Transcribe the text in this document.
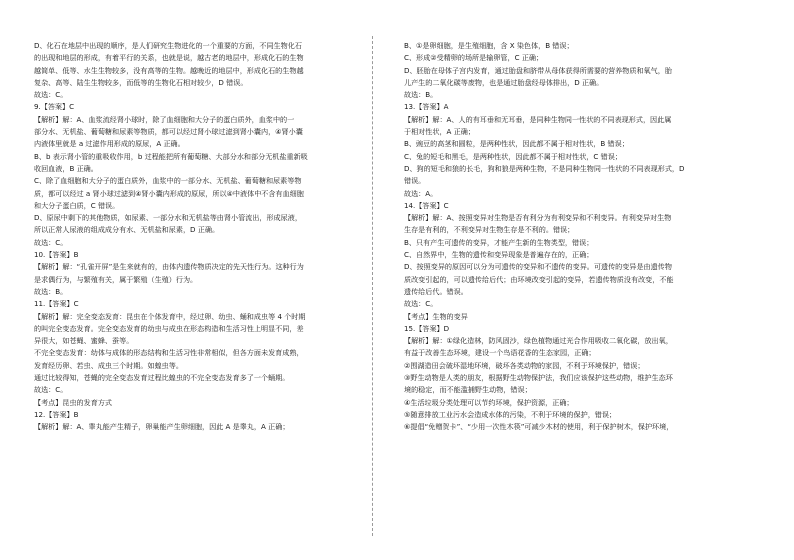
D、化石在地层中出现的顺序，是人们研究生物进化的一个重要的方面，不同生物化石
的出现和地层的形成，有着平行的关系，也就是说，越古老的地层中，形成化石的生物
越简单、低等、水生生物较多，没有高等的生物。越晚近的地层中，形成化石的生物越
复杂、高等、陆生生物较多，而低等的生物化石相对较少，D 错误。
故选：C。
9.【答案】C
【解析】解：A、血浆流经肾小球时，除了血细胞和大分子的蛋白质外，血浆中的一
部分水、无机盐、葡萄糖和尿素等物质，都可以经过肾小球过滤到肾小囊内，④肾小囊
内液体里就是 a 过滤作用形成的原尿，A 正确。
B、b 表示肾小管的重吸收作用，b 过程能把所有葡萄糖、大部分水和部分无机盐重新吸
收回血液，B 正确。
C、除了血细胞和大分子的蛋白质外，血浆中的一部分水、无机盐、葡萄糖和尿素等物
质，都可以经过 a 肾小球过滤到④肾小囊内形成的原尿，所以④中液体中不含有血细胞
和大分子蛋白质，C 错误。
D、原尿中剩下的其他物质，如尿素、一部分水和无机盐等由肾小管流出，形成尿液，
所以正常人尿液的组成成分有水、无机盐和尿素，D 正确。
故选：C。
10.【答案】B
【解析】解：“孔雀开屏”是生来就有的，由体内遗传物质决定的先天性行为。这种行为
是求偶行为，与繁殖有关，属于繁殖（生殖）行为。
故选：B。
11.【答案】C
【解析】解：完全变态发育：昆虫在个体发育中，经过卵、幼虫、蛹和成虫等 4 个时期
的叫完全变态发育。完全变态发育的幼虫与成虫在形态构造和生活习性上明显不同，差
异很大，如苍蝇、蜜蜂、蚕等。
不完全变态发育：幼体与成体的形态结构和生活习性非常相似，但各方面未发育成熟，
发育经历卵、若虫、成虫三个时期。如蝗虫等。
通过比较得知，苍蝇的完全变态发育过程比蝗虫的不完全变态发育多了一个蛹期。
故选：C。
【考点】昆虫的发育方式
12.【答案】B
【解析】解：A、睾丸能产生精子，卵巢能产生卵细胞，因此 A 是睾丸，A 正确；
B、①是卵细胞，是生殖细胞，含 X 染色体，B 错误；
C、形成②受精卵的场所是输卵管，C 正确；
D、胚胎在母体子宫内发育，通过胎盘和脐带从母体获得所需要的营养物质和氧气，胎
儿产生的二氧化碳等废物，也是通过胎盘经母体排出，D 正确。
故选：B。
13.【答案】A
【解析】解：A、人的有耳垂和无耳垂，是同种生物同一性状的不同表现形式，因此属
于相对性状，A 正确；
B、豌豆的高茎和圆粒，是两种性状，因此都不属于相对性状，B 错误；
C、兔的短毛和黑毛，是两种性状，因此都不属于相对性状，C 错误；
D、狗的短毛和狼的长毛，狗和狼是两种生物，不是同种生物同一性状的不同表现形式，D
错误。
故选：A。
14.【答案】C
【解析】解：A、按照变异对生物是否有利分为有利变异和不利变异。有利变异对生物
生存是有利的，不利变异对生物生存是不利的。错误；
B、只有产生可遗传的变异，才能产生新的生物类型，错误；
C、自然界中，生物的遗传和变异现象是普遍存在的，正确；
D、按照变异的原因可以分为可遗传的变异和不遗传的变异。可遗传的变异是由遗传物
质改变引起的，可以遗传给后代；由环境改变引起的变异，若遗传物质没有改变，不能
遗传给后代。错误。
故选：C。
【考点】生物的变异
15.【答案】D
【解析】解：①绿化造林，防风固沙，绿色植物通过光合作用吸收二氧化碳，放出氧，
有益于改善生态环境，建设一个鸟语花香的生态家园，正确；
②围湖造田会破坏湿地环境，破坏各类动物的家园，不利于环境保护，错误；
③野生动物是人类的朋友，根据野生动物保护法，我们应该保护这些动物，维护生态环
境的稳定，而不能滥捕野生动物，错误；
④生活垃圾分类处理可以节约环境，保护资源，正确；
⑤随意排放工业污水会造成水体的污染，不利于环境的保护，错误；
⑥提倡“免赠贺卡”、“少用一次性木筷”可减少木材的使用，利于保护树木，保护环境，
